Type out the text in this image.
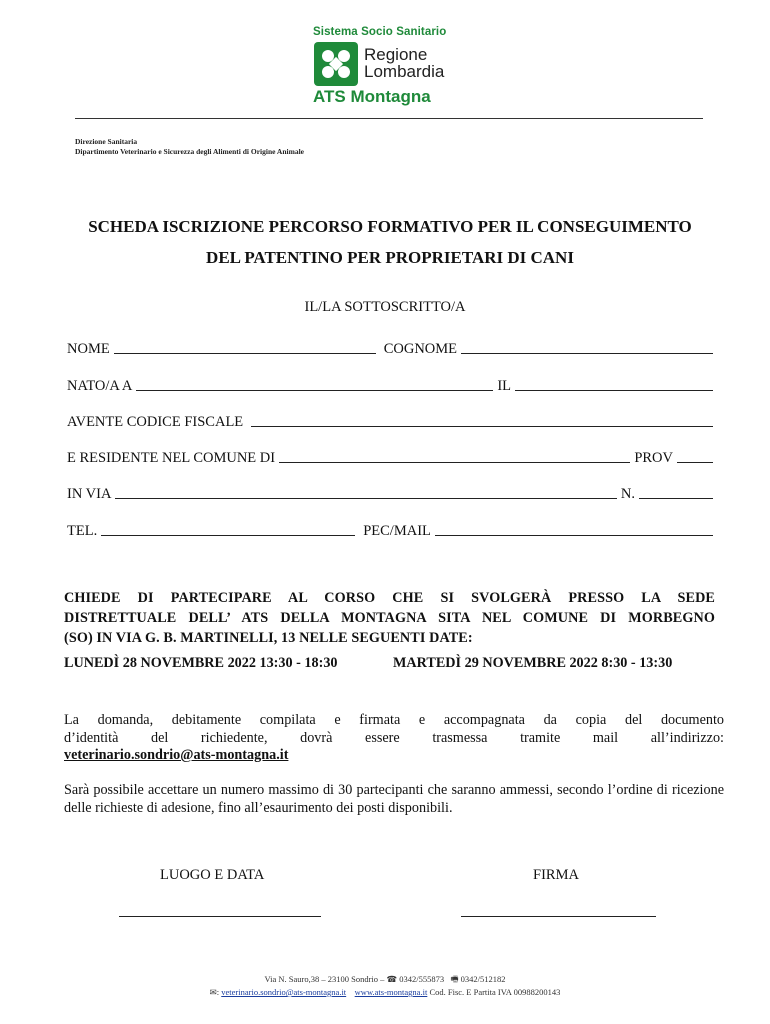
Sistema Socio Sanitario
Regione
Lombardia
ATS Montagna
Direzione Sanitaria
Dipartimento Veterinario e Sicurezza degli Alimenti di Origine Animale
SCHEDA ISCRIZIONE PERCORSO FORMATIVO PER IL CONSEGUIMENTO
DEL PATENTINO PER PROPRIETARI DI CANI
IL/LA SOTTOSCRITTO/A
NOME	COGNOME
NATO/A A	IL
AVENTE CODICE FISCALE
E RESIDENTE NEL COMUNE DI	PROV
IN VIA	N.
TEL.	PEC/MAIL
CHIEDE DI PARTECIPARE AL CORSO CHE SI SVOLGERÀ PRESSO LA SEDE
DISTRETTUALE DELL’ ATS DELLA MONTAGNA SITA NEL COMUNE DI MORBEGNO
(SO) IN VIA G. B. MARTINELLI, 13 NELLE SEGUENTI DATE:
LUNEDÌ 28 NOVEMBRE 2022 13:30 - 18:30	MARTEDÌ 29 NOVEMBRE 2022 8:30 - 13:30
La domanda, debitamente compilata e firmata e accompagnata da copia del documento
d’identità del richiedente, dovrà essere trasmessa tramite mail all’indirizzo:
veterinario.sondrio@ats-montagna.it
Sarà possibile accettare un numero massimo di 30 partecipanti che saranno ammessi, secondo l’ordine di ricezione delle richieste di adesione, fino all’esaurimento dei posti disponibili.
LUOGO E DATA	FIRMA
Via N. Sauro,38 – 23100 Sondrio – ☎ 0342/555873 🖷 0342/512182
✉: veterinario.sondrio@ats-montagna.it www.ats-montagna.it Cod. Fisc. E Partita IVA 00988200143
